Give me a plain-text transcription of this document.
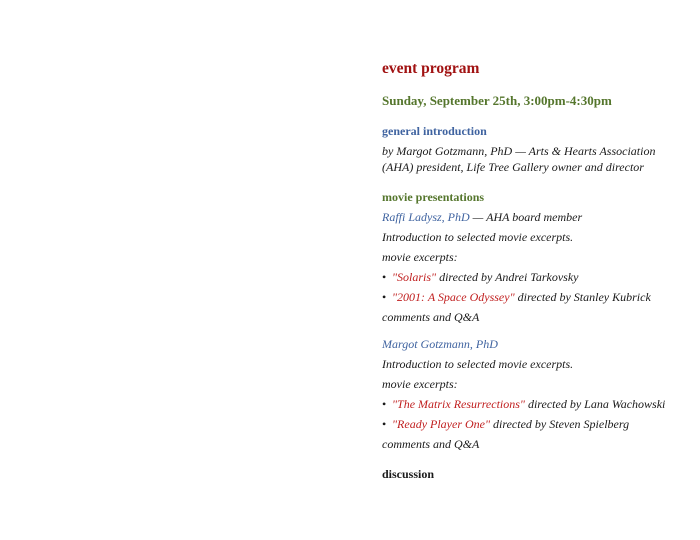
event program
Sunday, September 25th, 3:00pm-4:30pm
general introduction
by Margot Gotzmann, PhD — Arts & Hearts Association
(AHA) president, Life Tree Gallery owner and director
movie presentations
Raffi Ladysz, PhD — AHA board member
Introduction to selected movie excerpts.
movie excerpts:
• "Solaris" directed by Andrei Tarkovsky
• "2001: A Space Odyssey" directed by Stanley Kubrick
comments and Q&A
Margot Gotzmann, PhD
Introduction to selected movie excerpts.
movie excerpts:
• "The Matrix Resurrections" directed by Lana Wachowski
• "Ready Player One" directed by Steven Spielberg
comments and Q&A
discussion
